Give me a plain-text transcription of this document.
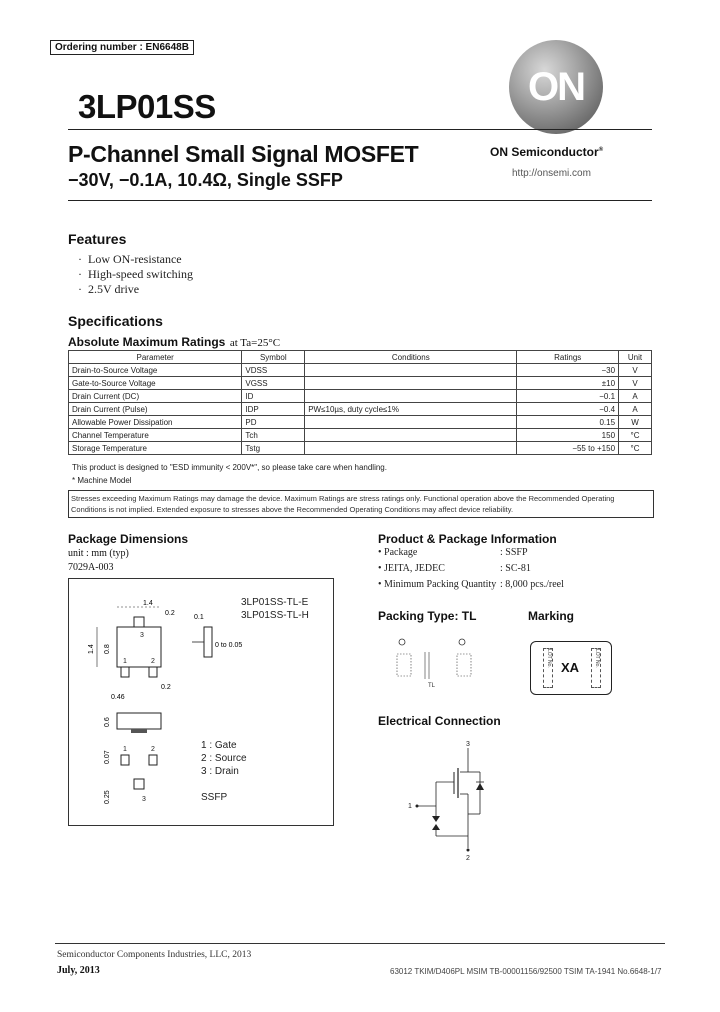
Ordering number : EN6648B
ON
ON Semiconductor®
http://onsemi.com
3LP01SS
P-Channel Small Signal MOSFET
−30V, −0.1A, 10.4Ω, Single SSFP
Features
·  Low ON-resistance
·  High-speed switching
·  2.5V drive
Specifications
Absolute Maximum Ratings at Ta=25°C
Parameter	Symbol	Conditions	Ratings	Unit
Drain-to-Source Voltage	VDSS		−30	V
Gate-to-Source Voltage	VGSS		±10	V
Drain Current (DC)	ID		−0.1	A
Drain Current (Pulse)	IDP	PW≤10µs, duty cycle≤1%	−0.4	A
Allowable Power Dissipation	PD		0.15	W
Channel Temperature	Tch		150	°C
Storage Temperature	Tstg		−55 to +150	°C
This product is designed to "ESD immunity < 200V*", so please take care when handling.
* Machine Model
Stresses exceeding Maximum Ratings may damage the device. Maximum Ratings are stress ratings only. Functional operation above the Recommended Operating Conditions is not implied. Extended exposure to stresses above the Recommended Operating Conditions may affect device reliability.
Package Dimensions
unit : mm (typ)
7029A-003
3
1	2
1.4
0.2
1.4 0.8
0.2
0.46
0.1
0 to 0.05
0.6
1	2
3
0.07
0.25
3LP01SS-TL-E
3LP01SS-TL-H
1 : Gate
2 : Source
3 : Drain
SSFP
Product & Package Information
• Package	: SSFP
• JEITA, JEDEC	: SC-81
• Minimum Packing Quantity : 8,000 pcs./reel
Packing Type: TL
TL
Marking
LOT No.	LOT No.
XA
Electrical Connection
3
1
2
Semiconductor Components Industries, LLC, 2013
July, 2013	63012 TKIM/D406PL MSIM TB-00001156/92500 TSIM TA-1941 No.6648-1/7
